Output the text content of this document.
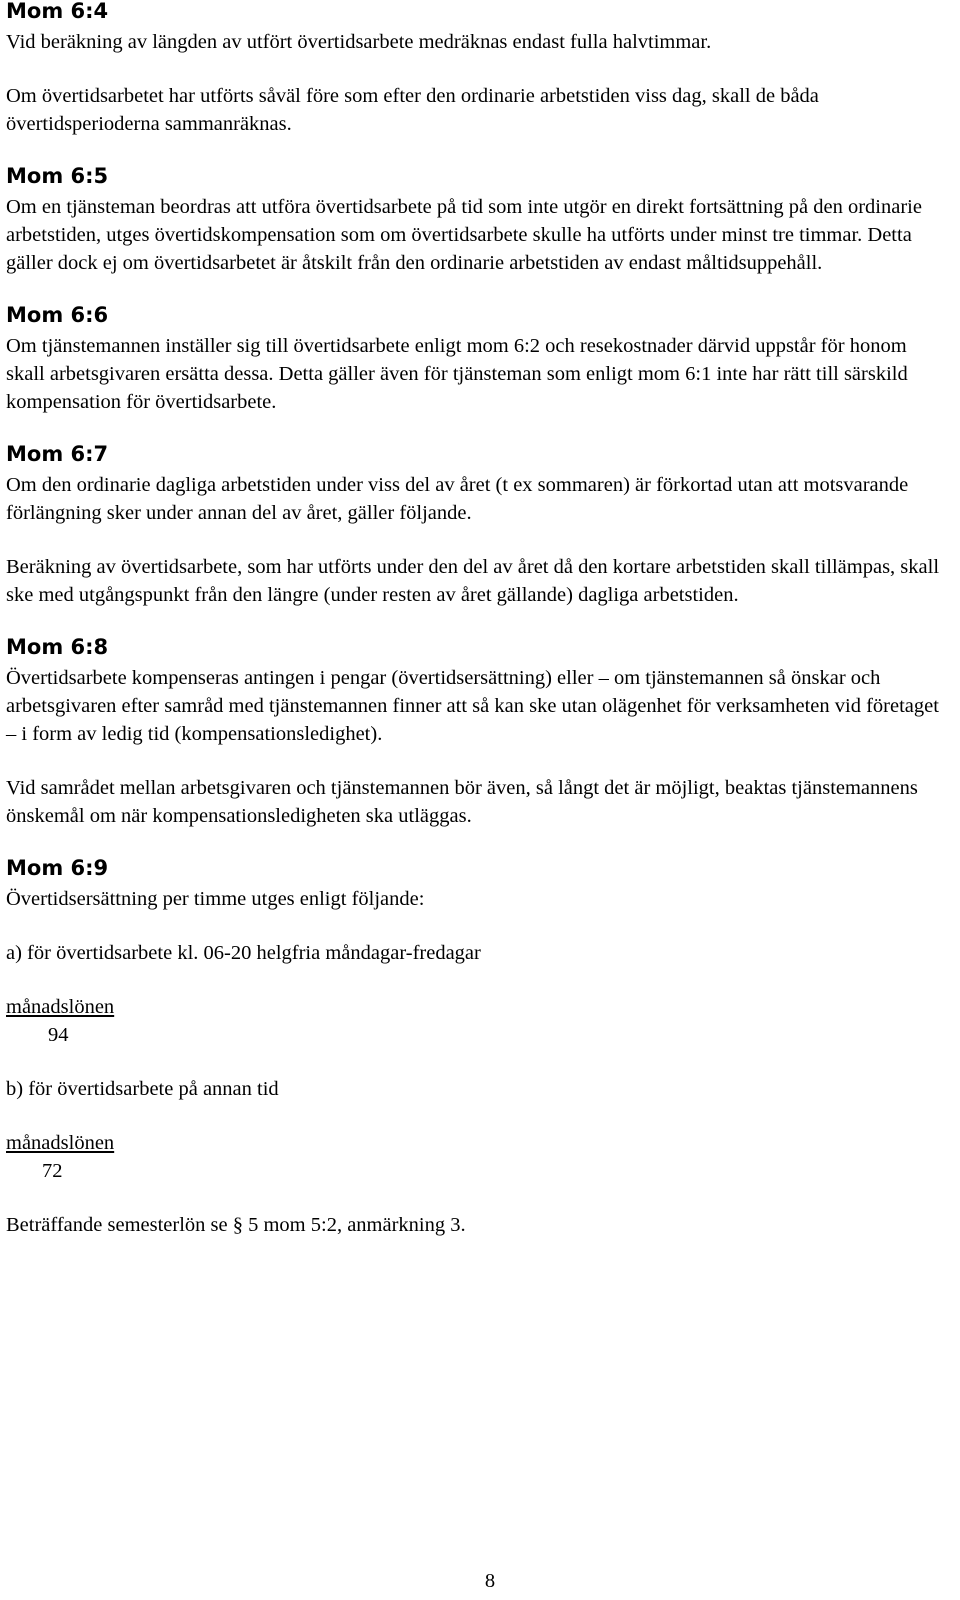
Mom 6:4

Vid beräkning av längden av utfört övertidsarbete medräknas endast fulla halvtimmar.

Om övertidsarbetet har utförts såväl före som efter den ordinarie arbetstiden viss dag, skall de båda övertidsperioderna sammanräknas.

Mom 6:5

Om en tjänsteman beordras att utföra övertidsarbete på tid som inte utgör en direkt fortsättning på den ordinarie arbetstiden, utges övertidskompensation som om övertidsarbete skulle ha utförts under minst tre timmar. Detta gäller dock ej om övertidsarbetet är åtskilt från den ordinarie arbetstiden av endast måltidsuppehåll.

Mom 6:6

Om tjänstemannen inställer sig till övertidsarbete enligt mom 6:2 och resekostnader därvid uppstår för honom skall arbetsgivaren ersätta dessa. Detta gäller även för tjänsteman som enligt mom 6:1 inte har rätt till särskild kompensation för övertidsarbete.

Mom 6:7

Om den ordinarie dagliga arbetstiden under viss del av året (t ex sommaren) är förkortad utan att motsvarande förlängning sker under annan del av året, gäller följande.

Beräkning av övertidsarbete, som har utförts under den del av året då den kortare arbetstiden skall tillämpas, skall ske med utgångspunkt från den längre (under resten av året gällande) dagliga arbetstiden.

Mom 6:8

Övertidsarbete kompenseras antingen i pengar (övertidsersättning) eller – om tjänstemannen så önskar och arbetsgivaren efter samråd med tjänstemannen finner att så kan ske utan olägenhet för verksamheten vid företaget – i form av ledig tid (kompensationsledighet).

Vid samrådet mellan arbetsgivaren och tjänstemannen bör även, så långt det är möjligt, beaktas tjänstemannens önskemål om när kompensationsledigheten ska utläggas.

Mom 6:9

Övertidsersättning per timme utges enligt följande:

a) för övertidsarbete kl. 06-20 helgfria måndagar-fredagar

månadslönen

94

b) för övertidsarbete på annan tid

månadslönen

72

Beträffande semesterlön se § 5 mom 5:2, anmärkning 3.

8
